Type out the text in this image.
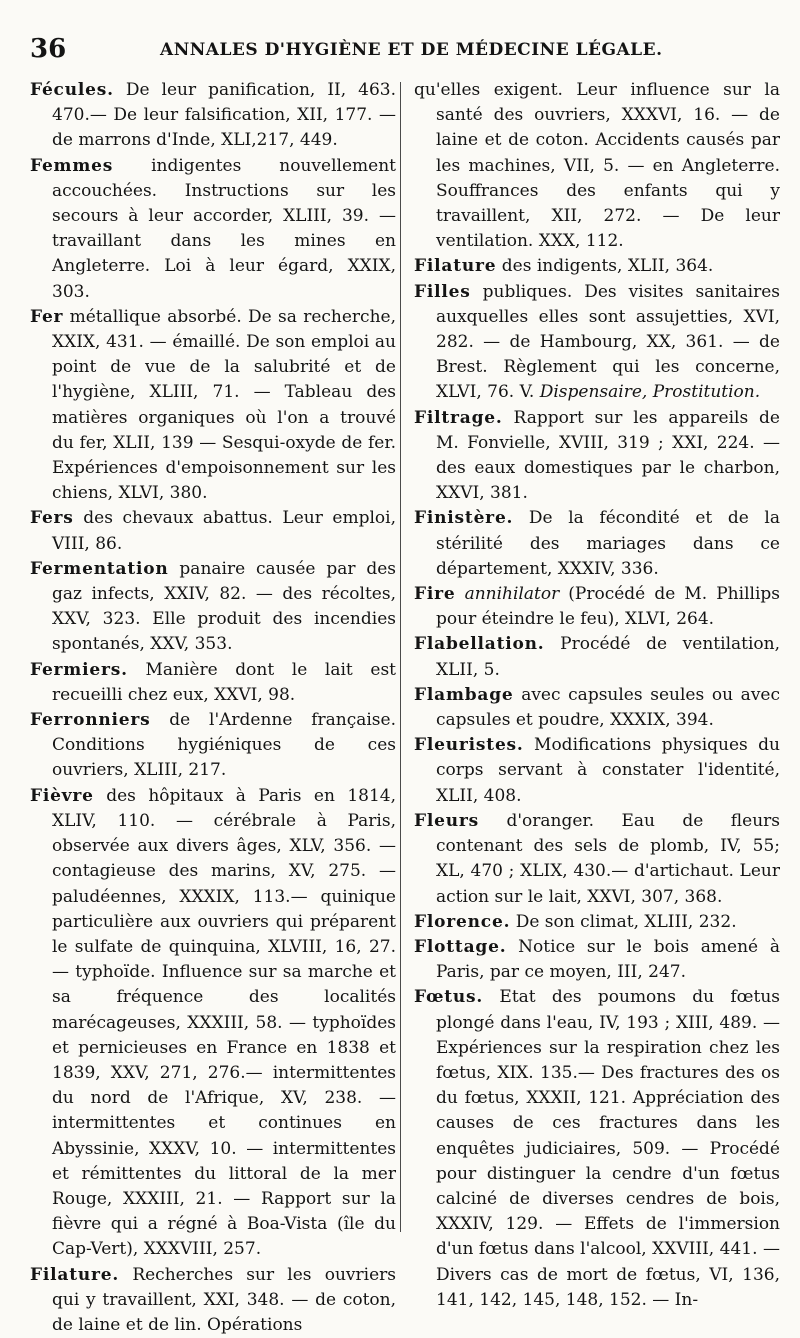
36	ANNALES D'HYGIÈNE ET DE MÉDECINE LÉGALE.

Fécules. De leur panification, II, 463. 470.— De leur falsification, XII, 177. — de marrons d'Inde, XLI,217, 449.

Femmes indigentes nouvellement accouchées. Instructions sur les secours à leur accorder, XLIII, 39. — travaillant dans les mines en Angleterre. Loi à leur égard, XXIX, 303.

Fer métallique absorbé. De sa recherche, XXIX, 431. — émaillé. De son emploi au point de vue de la salubrité et de l'hygiène, XLIII, 71. — Tableau des matières organiques où l'on a trouvé du fer, XLII, 139 — Sesqui-oxyde de fer. Expériences d'empoisonnement sur les chiens, XLVI, 380.

Fers des chevaux abattus. Leur emploi, VIII, 86.

Fermentation panaire causée par des gaz infects, XXIV, 82. — des récoltes, XXV, 323. Elle produit des incendies spontanés, XXV, 353.

Fermiers. Manière dont le lait est recueilli chez eux, XXVI, 98.

Ferronniers de l'Ardenne française. Conditions hygiéniques de ces ouvriers, XLIII, 217.

Fièvre des hôpitaux à Paris en 1814, XLIV, 110. — cérébrale à Paris, observée aux divers âges, XLV, 356. — contagieuse des marins, XV, 275. — paludéennes, XXXIX, 113.— quinique particulière aux ouvriers qui préparent le sulfate de quinquina, XLVIII, 16, 27. — typhoïde. Influence sur sa marche et sa fréquence des localités marécageuses, XXXIII, 58. — typhoïdes et pernicieuses en France en 1838 et 1839, XXV, 271, 276.— intermittentes du nord de l'Afrique, XV, 238. — intermittentes et continues en Abyssinie, XXXV, 10. — intermittentes et rémittentes du littoral de la mer Rouge, XXXIII, 21. — Rapport sur la fièvre qui a régné à Boa-Vista (île du Cap-Vert), XXXVIII, 257.

Filature. Recherches sur les ouvriers qui y travaillent, XXI, 348. — de coton, de laine et de lin. Opérations

qu'elles exigent. Leur influence sur la santé des ouvriers, XXXVI, 16. — de laine et de coton. Accidents causés par les machines, VII, 5. — en Angleterre. Souffrances des enfants qui y travaillent, XII, 272. — De leur ventilation. XXX, 112.

Filature des indigents, XLII, 364.

Filles publiques. Des visites sanitaires auxquelles elles sont assujetties, XVI, 282. — de Hambourg, XX, 361. — de Brest. Règlement qui les concerne, XLVI, 76. V. Dispensaire, Prostitution.

Filtrage. Rapport sur les appareils de M. Fonvielle, XVIII, 319 ; XXI, 224. — des eaux domestiques par le charbon, XXVI, 381.

Finistère. De la fécondité et de la stérilité des mariages dans ce département, XXXIV, 336.

Fire annihilator (Procédé de M. Phillips pour éteindre le feu), XLVI, 264.

Flabellation. Procédé de ventilation, XLII, 5.

Flambage avec capsules seules ou avec capsules et poudre, XXXIX, 394.

Fleuristes. Modifications physiques du corps servant à constater l'identité, XLII, 408.

Fleurs d'oranger. Eau de fleurs contenant des sels de plomb, IV, 55; XL, 470 ; XLIX, 430.— d'artichaut. Leur action sur le lait, XXVI, 307, 368.

Florence. De son climat, XLIII, 232.

Flottage. Notice sur le bois amené à Paris, par ce moyen, III, 247.

Fœtus. Etat des poumons du fœtus plongé dans l'eau, IV, 193 ; XIII, 489. — Expériences sur la respiration chez les fœtus, XIX. 135.— Des fractures des os du fœtus, XXXII, 121. Appréciation des causes de ces fractures dans les enquêtes judiciaires, 509. — Procédé pour distinguer la cendre d'un fœtus calciné de diverses cendres de bois, XXXIV, 129. — Effets de l'immersion d'un fœtus dans l'alcool, XXVIII, 441. — Divers cas de mort de fœtus, VI, 136, 141, 142, 145, 148, 152. — In-
